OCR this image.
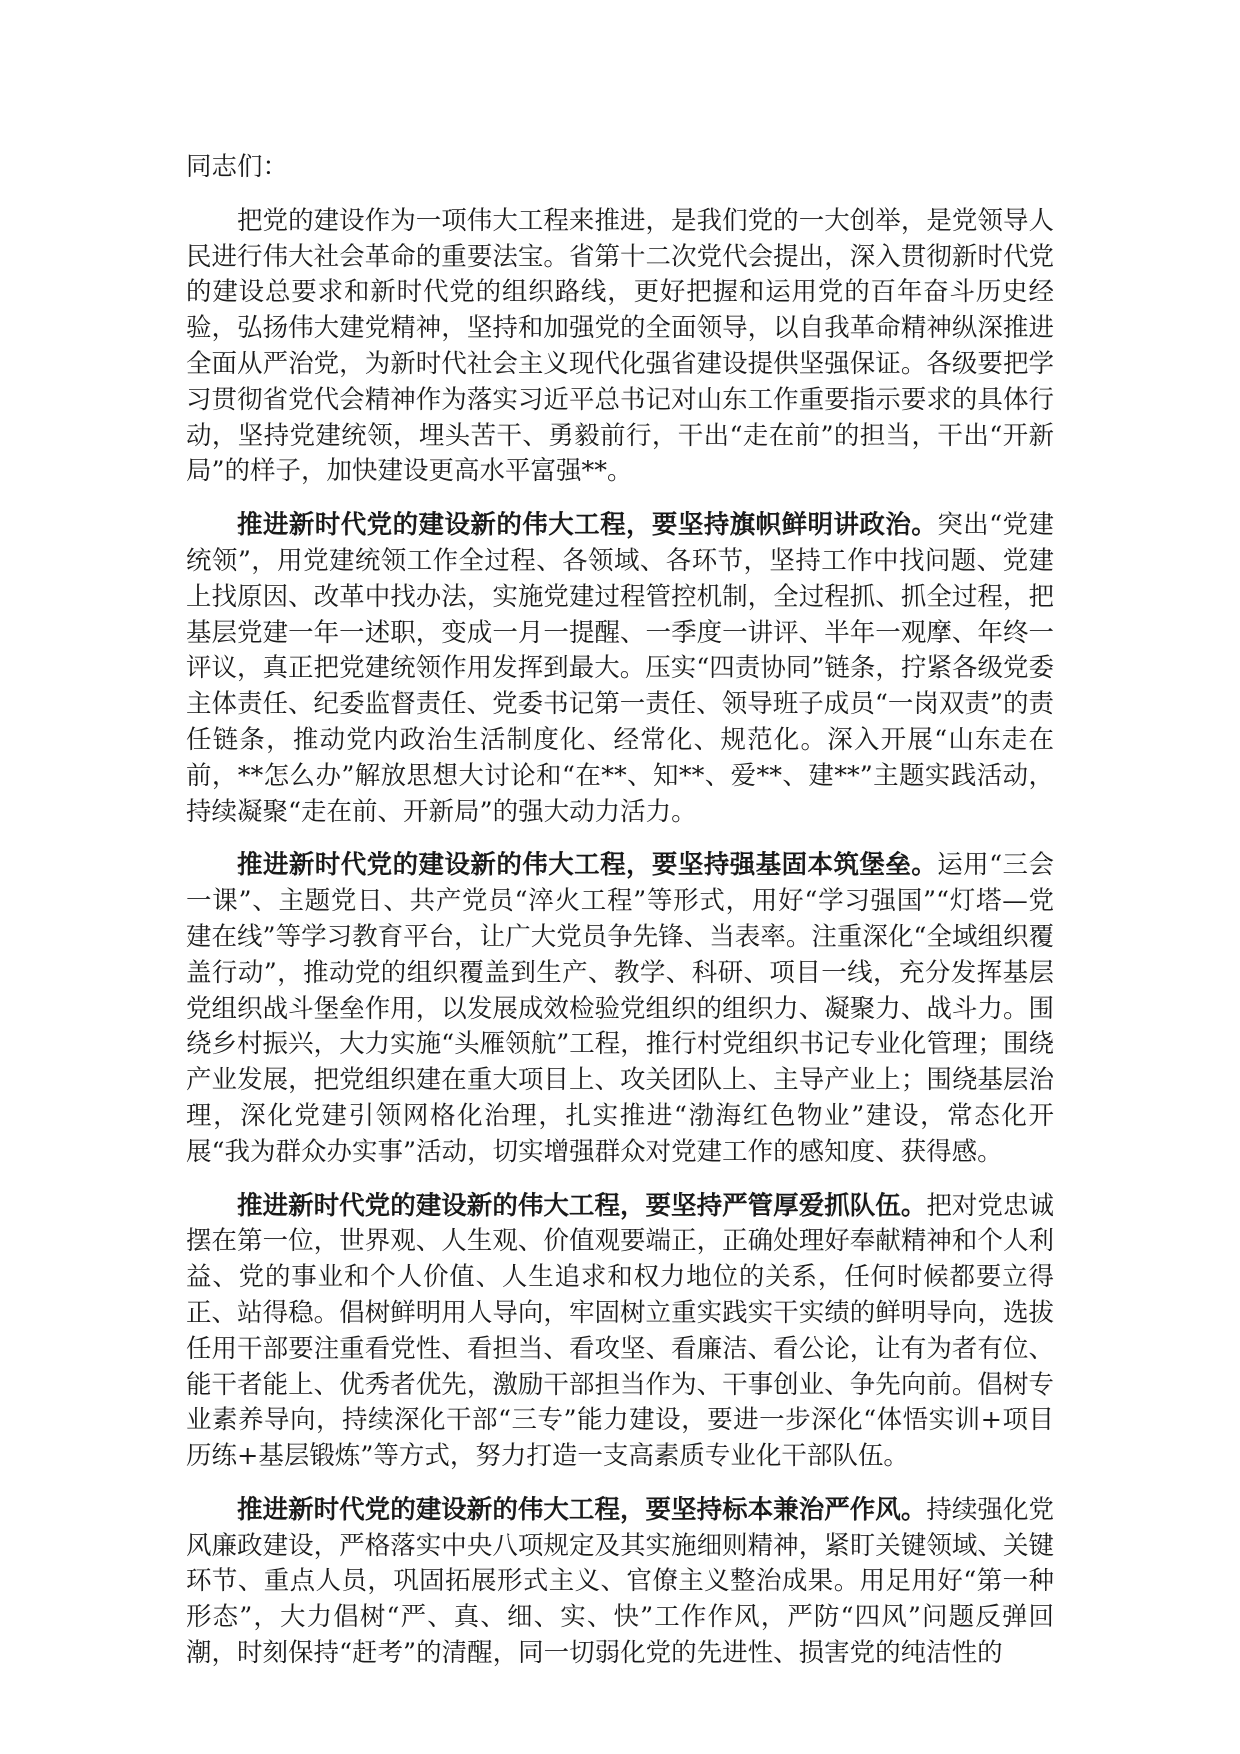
同志们：

把党的建设作为一项伟大工程来推进，是我们党的一大创举，是党领导人民进行伟大社会革命的重要法宝。省第十二次党代会提出，深入贯彻新时代党的建设总要求和新时代党的组织路线，更好把握和运用党的百年奋斗历史经验，弘扬伟大建党精神，坚持和加强党的全面领导，以自我革命精神纵深推进全面从严治党，为新时代社会主义现代化强省建设提供坚强保证。各级要把学习贯彻省党代会精神作为落实习近平总书记对山东工作重要指示要求的具体行动，坚持党建统领，埋头苦干、勇毅前行，干出“走在前”的担当，干出“开新局”的样子，加快建设更高水平富强**。

推进新时代党的建设新的伟大工程，要坚持旗帜鲜明讲政治。突出“党建统领”，用党建统领工作全过程、各领域、各环节，坚持工作中找问题、党建上找原因、改革中找办法，实施党建过程管控机制，全过程抓、抓全过程，把基层党建一年一述职，变成一月一提醒、一季度一讲评、半年一观摩、年终一评议，真正把党建统领作用发挥到最大。压实“四责协同”链条，拧紧各级党委主体责任、纪委监督责任、党委书记第一责任、领导班子成员“一岗双责”的责任链条，推动党内政治生活制度化、经常化、规范化。深入开展“山东走在前，**怎么办”解放思想大讨论和“在**、知**、爱**、建**”主题实践活动，持续凝聚“走在前、开新局”的强大动力活力。

推进新时代党的建设新的伟大工程，要坚持强基固本筑堡垒。运用“三会一课”、主题党日、共产党员“淬火工程”等形式，用好“学习强国”“灯塔—党建在线”等学习教育平台，让广大党员争先锋、当表率。注重深化“全域组织覆盖行动”，推动党的组织覆盖到生产、教学、科研、项目一线，充分发挥基层党组织战斗堡垒作用，以发展成效检验党组织的组织力、凝聚力、战斗力。围绕乡村振兴，大力实施“头雁领航”工程，推行村党组织书记专业化管理；围绕产业发展，把党组织建在重大项目上、攻关团队上、主导产业上；围绕基层治理，深化党建引领网格化治理，扎实推进“渤海红色物业”建设，常态化开展“我为群众办实事”活动，切实增强群众对党建工作的感知度、获得感。

推进新时代党的建设新的伟大工程，要坚持严管厚爱抓队伍。把对党忠诚摆在第一位，世界观、人生观、价值观要端正，正确处理好奉献精神和个人利益、党的事业和个人价值、人生追求和权力地位的关系，任何时候都要立得正、站得稳。倡树鲜明用人导向，牢固树立重实践实干实绩的鲜明导向，选拔任用干部要注重看党性、看担当、看攻坚、看廉洁、看公论，让有为者有位、能干者能上、优秀者优先，激励干部担当作为、干事创业、争先向前。倡树专业素养导向，持续深化干部“三专”能力建设，要进一步深化“体悟实训+项目历练+基层锻炼”等方式，努力打造一支高素质专业化干部队伍。

推进新时代党的建设新的伟大工程，要坚持标本兼治严作风。持续强化党风廉政建设，严格落实中央八项规定及其实施细则精神，紧盯关键领域、关键环节、重点人员，巩固拓展形式主义、官僚主义整治成果。用足用好“第一种形态”，大力倡树“严、真、细、实、快”工作作风，严防“四风”问题反弹回潮，时刻保持“赶考”的清醒，同一切弱化党的先进性、损害党的纯洁性的
